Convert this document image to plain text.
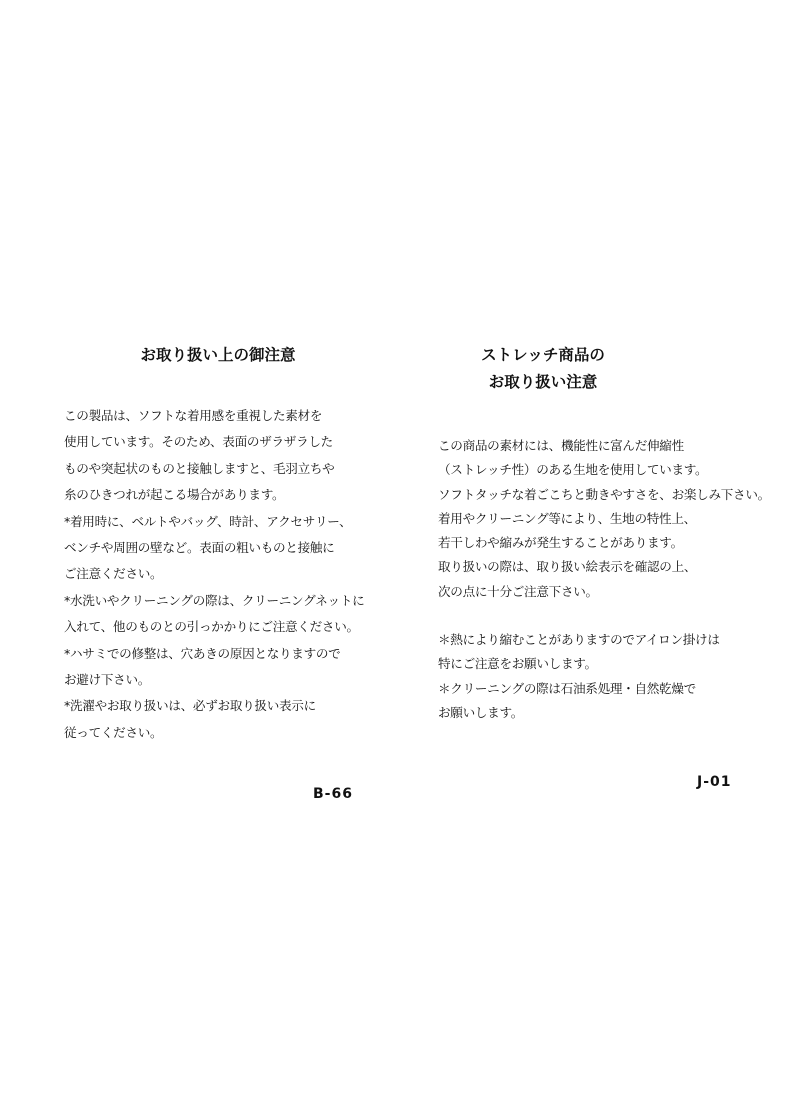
お取り扱い上の御注意
この製品は、ソフトな着用感を重視した素材を
使用しています。そのため、表面のザラザラした
ものや突起状のものと接触しますと、毛羽立ちや
糸のひきつれが起こる場合があります。
*着用時に、ベルトやバッグ、時計、アクセサリー、
ベンチや周囲の壁など。表面の粗いものと接触に
ご注意ください。
*水洗いやクリーニングの際は、クリーニングネットに
入れて、他のものとの引っかかりにご注意ください。
*ハサミでの修整は、穴あきの原因となりますので
お避け下さい。
*洗濯やお取り扱いは、必ずお取り扱い表示に
従ってください。
B-66
ストレッチ商品の
お取り扱い注意
この商品の素材には、機能性に富んだ伸縮性
（ストレッチ性）のある生地を使用しています。
ソフトタッチな着ごこちと動きやすさを、お楽しみ下さい。
着用やクリーニング等により、生地の特性上、
若干しわや縮みが発生することがあります。
取り扱いの際は、取り扱い絵表示を確認の上、
次の点に十分ご注意下さい。
＊熱により縮むことがありますのでアイロン掛けは
特にご注意をお願いします。
＊クリーニングの際は石油系処理・自然乾燥で
お願いします。
J-01
